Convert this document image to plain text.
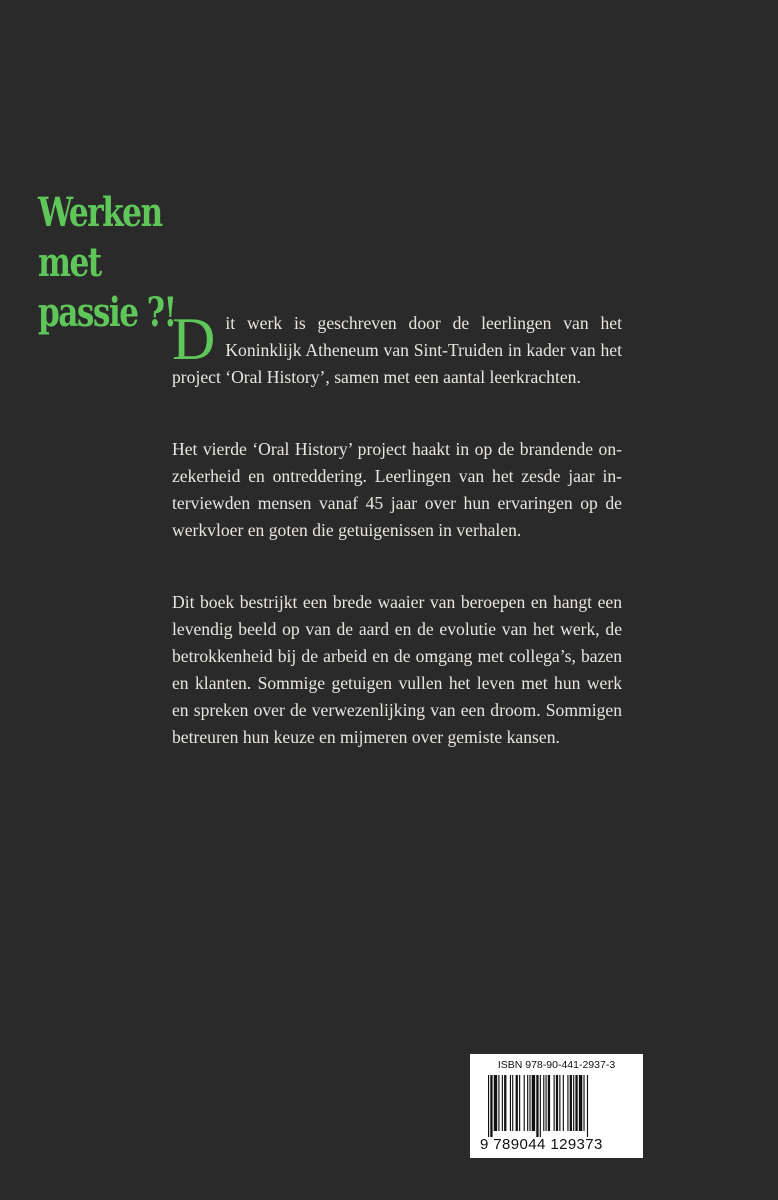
Werken
met
passie ?!

Dit werk is geschreven door de leerlingen van het Koninklijk Atheneum van Sint-Truiden in kader van het project ‘Oral History’, samen met een aantal leerkrachten.

Het vierde ‘Oral History’ project haakt in op de brandende onzekerheid en ontreddering. Leerlingen van het zesde jaar interviewden mensen vanaf 45 jaar over hun ervaringen op de werkvloer en goten die getuigenissen in verhalen.

Dit boek bestrijkt een brede waaier van beroepen en hangt een levendig beeld op van de aard en de evolutie van het werk, de betrokkenheid bij de arbeid en de omgang met collega’s, bazen en klanten. Sommige getuigen vullen het leven met hun werk en spreken over de verwezenlijking van een droom. Sommigen betreuren hun keuze en mijmeren over gemiste kansen.

ISBN 978-90-441-2937-3
9 789044 129373
